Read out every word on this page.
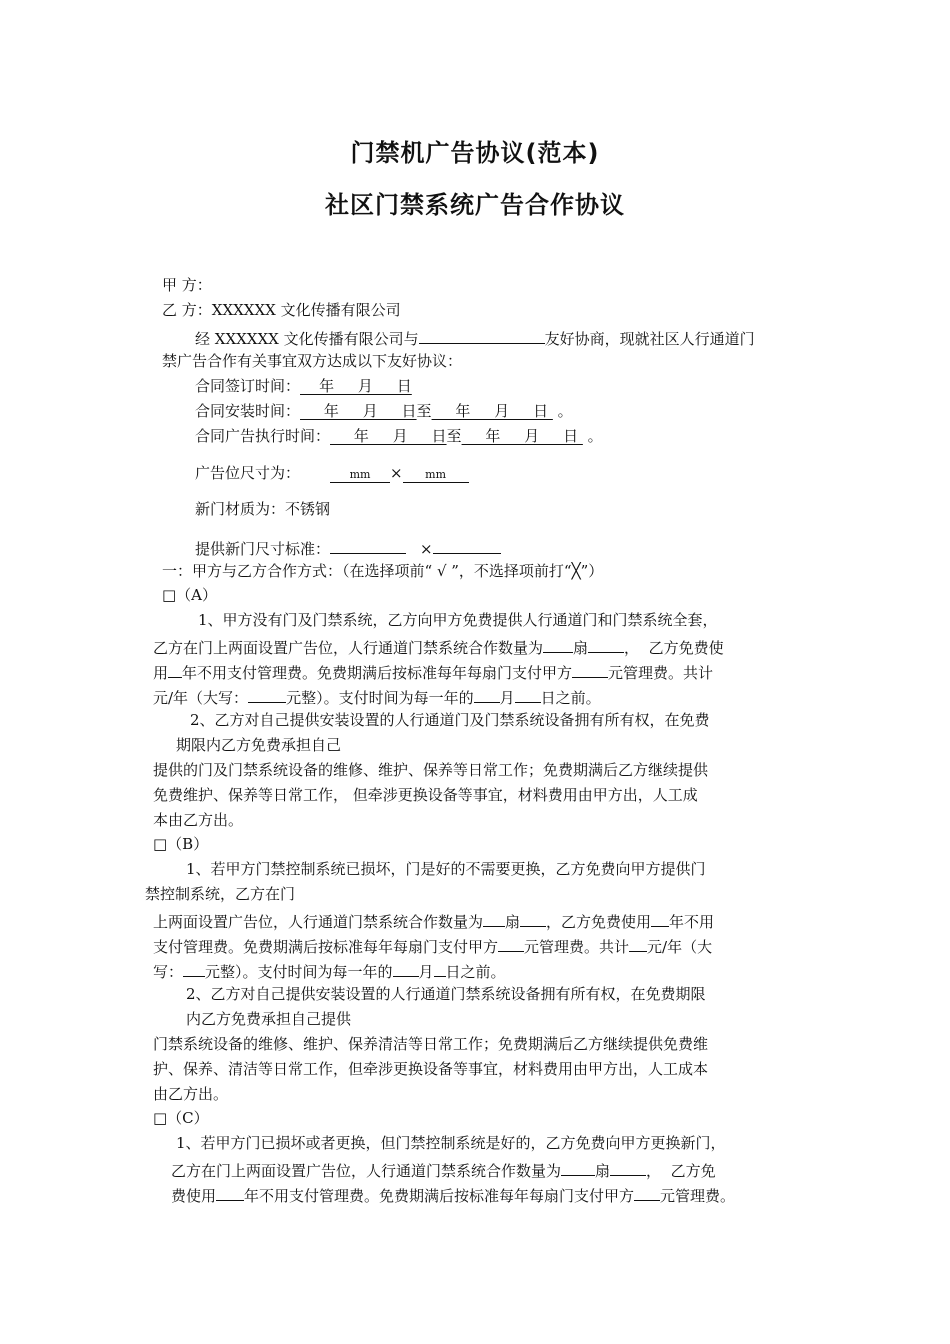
门禁机广告协议(范本)
社区门禁系统广告合作协议
甲 方：
乙 方：XXXXXX 文化传播有限公司
经 XXXXXX 文化传播有限公司与	友好协商，现就社区人行通道门
禁广告合作有关事宜双方达成以下友好协议：
合同签订时间：    年     月     日
合同安装时间：     年     月     日至     年     月     日  。
合同广告执行时间：     年     月     日至     年     月     日  。
广告位尺寸为：	mm × mm
新门材质为：不锈钢
提供新门尺寸标准：	×
一：甲方与乙方合作方式：（在选择项前“ √ ”，不选择项前打“╳”）
□（A）
1、甲方没有门及门禁系统，乙方向甲方免费提供人行通道门和门禁系统全套，
乙方在门上两面设置广告位，人行通道门禁系统合作数量为 扇 ，  乙方免费使
用 年不用支付管理费。免费期满后按标准每年每扇门支付甲方 元管理费。共计
元/年（大写：	元整）。支付时间为每一年的 月 日之前。
2、乙方对自己提供安装设置的人行通道门及门禁系统设备拥有所有权，在免费
期限内乙方免费承担自己
提供的门及门禁系统设备的维修、维护、保养等日常工作；免费期满后乙方继续提供
免费维护、保养等日常工作， 但牵涉更换设备等事宜，材料费用由甲方出，人工成
本由乙方出。
□（B）
1、若甲方门禁控制系统已损坏，门是好的不需要更换，乙方免费向甲方提供门
禁控制系统，乙方在门
上两面设置广告位，人行通道门禁系统合作数量为 扇 ，乙方免费使用 年不用
支付管理费。免费期满后按标准每年每扇门支付甲方 元管理费。共计 元/年（大
写： 元整）。支付时间为每一年的 月 日之前。
2、乙方对自己提供安装设置的人行通道门禁系统设备拥有所有权，在免费期限
内乙方免费承担自己提供
门禁系统设备的维修、维护、保养清洁等日常工作；免费期满后乙方继续提供免费维
护、保养、清洁等日常工作，但牵涉更换设备等事宜，材料费用由甲方出，人工成本
由乙方出。
□（C）
1、若甲方门已损坏或者更换，但门禁控制系统是好的，乙方免费向甲方更换新门，
乙方在门上两面设置广告位，人行通道门禁系统合作数量为 扇 ，  乙方免
费使用 年不用支付管理费。免费期满后按标准每年每扇门支付甲方 元管理费。
